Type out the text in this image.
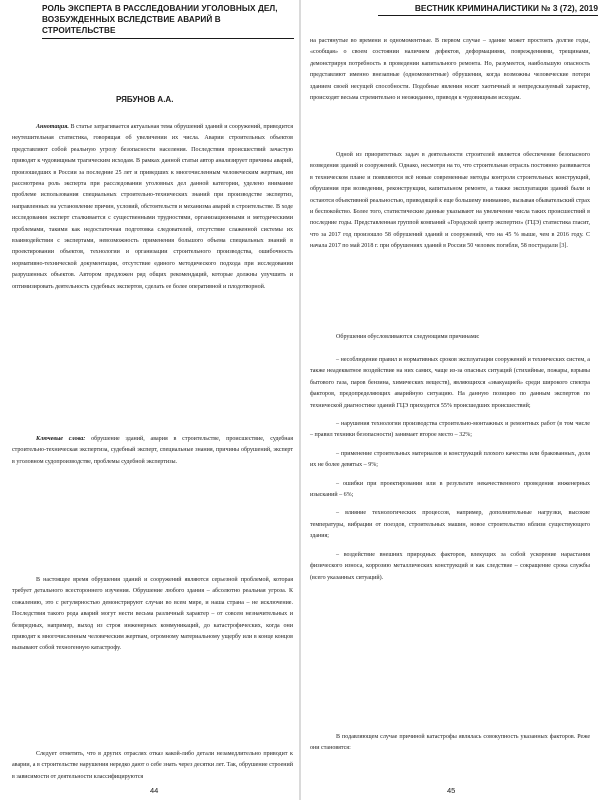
РОЛЬ ЭКСПЕРТА В РАССЛЕДОВАНИИ УГОЛОВНЫХ ДЕЛ, ВОЗБУЖДЕННЫХ ВСЛЕДСТВИЕ АВАРИЙ В СТРОИТЕЛЬСТВЕ
РЯБУНОВ А.А.

Аннотация. В статье затрагивается актуальная тема обрушений зданий и сооружений, приводится неутешительная статистика, говорящая об увеличении их числа. Аварии строительных объектов представляют собой реальную угрозу безопасности населения. Последствия происшествий зачастую приводят к чудовищным трагическим исходам. В рамках данной статьи автор анализирует причины аварий, произошедших в России за последние 25 лет и приведших к многочисленным человеческим жертвам, им рассмотрена роль эксперта при расследовании уголовных дел данной категории, уделено внимание проблеме использования специальных строительно-технических знаний при производстве экспертиз, направленных на установление причин, условий, обстоятельств и механизма аварий в строительстве. В ходе исследования эксперт сталкивается с существенными трудностями, организационными и методическими проблемами, такими как недостаточная подготовка следователей, отсутствие слаженной системы их взаимодействия с экспертами, невозможность применения большого объема специальных знаний в проектировании объектов, технологии и организации строительного производства, ошибочность нормативно-технической документации, отсутствие единого методического подхода при исследовании разрушенных объектов. Автором предложен ряд общих рекомендаций, которые должны улучшить и оптимизировать деятельность судебных экспертов, сделать ее более оперативной и плодотворной.

Ключевые слова: обрушение зданий, авария в строительстве, происшествие, судебная строительно-техническая экспертиза, судебный эксперт, специальные знания, причины обрушений, эксперт в уголовном судопроизводстве, проблемы судебной экспертизы.

В настоящее время обрушения зданий и сооружений являются серьезной проблемой, которая требует детального всестороннего изучения. Обрушение любого здания – абсолютно реальная угроза. К сожалению, это с регулярностью демонстрируют случаи во всем мире, и наша страна – не исключение. Последствия такого рода аварий могут нести весьма различный характер – от совсем незначительных и безвредных, например, выход из строя инженерных коммуникаций, до катастрофических, когда они приводят к многочисленным человеческим жертвам, огромному материальному ущербу или в конце концов вызывают собой техногенную катастрофу.

Следует отметить, что в других отраслях отказ какой-либо детали незамедлительно приводит к аварии, а в строительстве нарушения нередко дают о себе знать через десятки лет. Так, обрушение строений в зависимости от деятельности классифицируются

44
ВЕСТНИК КРИМИНАЛИСТИКИ № 3 (72), 2019

на растянутые во времени и одномоментные. В первом случае – здание может простоять долгие годы, «сообщая» о своем состоянии наличием дефектов, деформациями, повреждениями, трещинами, демонстрируя потребность в проведении капитального ремонта. Но, разумеется, наибольшую опасность представляют именно внезапные (одномоментные) обрушения, когда возможны человеческие потери зданием своей несущей способности. Подобные явления носят хаотичный и непредсказуемый характер, происходят весьма стремительно и неожиданно, приводя к чудовищным исходам.

Одной из приоритетных задач в деятельности строителей является обеспечение безопасного возведения зданий и сооружений. Однако, несмотря на то, что строительная отрасль постоянно развивается в техническом плане и появляются всё новые современные методы контроля строительных конструкций, обрушения при возведении, реконструкции, капитальном ремонте, а также эксплуатации зданий были и остаются объективной реальностью, приводящей к еще большему вниманию, вызывая обывательский страх и беспокойство. Более того, статистические данные указывают на увеличение числа таких происшествий в последние годы. Представленная группой компаний «Городской центр экспертиз» (ГЦЭ) статистика гласит, что за 2017 год произошло 58 обрушений зданий и сооружений, что на 45 % выше, чем в 2016 году. С начала 2017 по май 2018 г. при обрушениях зданий в России 50 человек погибли, 58 пострадали [3].

Обрушения обусловливаются следующими причинами:

– несоблюдение правил и нормативных сроков эксплуатации сооружений и технических систем, а также неадекватное воздействие на них самих, чаще из-за опасных ситуаций (стихийные, пожары, взрывы бытового газа, паров бензина, химических веществ), являющихся «эвакуацией» среди широкого спектра факторов, предопределяющих аварийную ситуацию. На данную позицию по данным экспертов по технической диагностике зданий ГЦЭ приходится 55% происшедших происшествий;
– нарушения технологии производства строительно-монтажных и ремонтных работ (в том числе – правил техники безопасности) занимает второе место – 32%;
– применение строительных материалов и конструкций плохого качества или бракованных, доля их не более девятых – 9%;
– ошибки при проектировании или в результате некачественного проведения инженерных изысканий – 6%;
– влияние технологических процессов, например, дополнительные нагрузки, высокие температуры, вибрации от поездов, строительных машин, новое строительство вблизи существующего здания;
– воздействие внешних природных факторов, влекущих за собой ускорение нарастания физического износа, коррозию металлических конструкций и как следствие – сокращение срока службы (всего указанных ситуаций).

В подавляющем случае причиной катастрофы являлась совокупность указанных факторов. Реже они становятся:

45
